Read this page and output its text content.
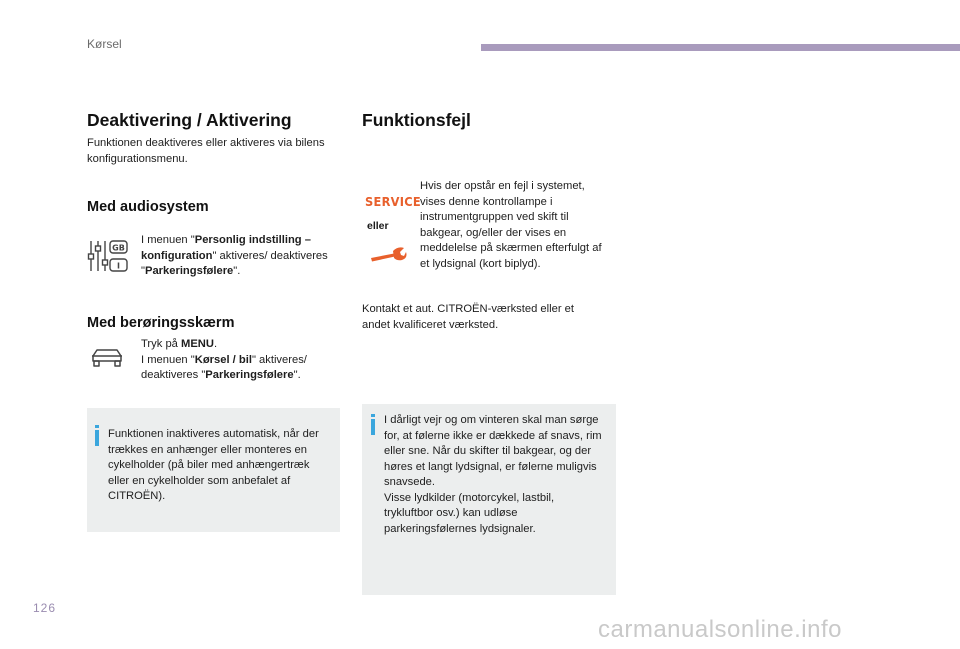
Kørsel
Deaktivering / Aktivering
Funktionen deaktiveres eller aktiveres via bilens konfigurationsmenu.
Med audiosystem
GB
I
I menuen "Personlig indstilling – konfiguration" aktiveres/ deaktiveres "Parkeringsfølere".
Med berøringsskærm
Tryk på MENU.
I menuen "Kørsel / bil" aktiveres/ deaktiveres "Parkeringsfølere".
Funktionen inaktiveres automatisk, når der trækkes en anhænger eller monteres en cykelholder (på biler med anhængertræk eller en cykelholder som anbefalet af CITROËN).
Funktionsfejl
SERVICE
eller
Hvis der opstår en fejl i systemet, vises denne kontrollampe i instrumentgruppen ved skift til bakgear, og/eller der vises en meddelelse på skærmen efterfulgt af et lydsignal (kort biplyd).
Kontakt et aut. CITROËN-værksted eller et andet kvalificeret værksted.
I dårligt vejr og om vinteren skal man sørge for, at følerne ikke er dækkede af snavs, rim eller sne. Når du skifter til bakgear, og der høres et langt lydsignal, er følerne muligvis snavsede.
Visse lydkilder (motorcykel, lastbil, trykluftbor osv.) kan udløse parkeringsfølernes lydsignaler.
126
carmanualsonline.info
